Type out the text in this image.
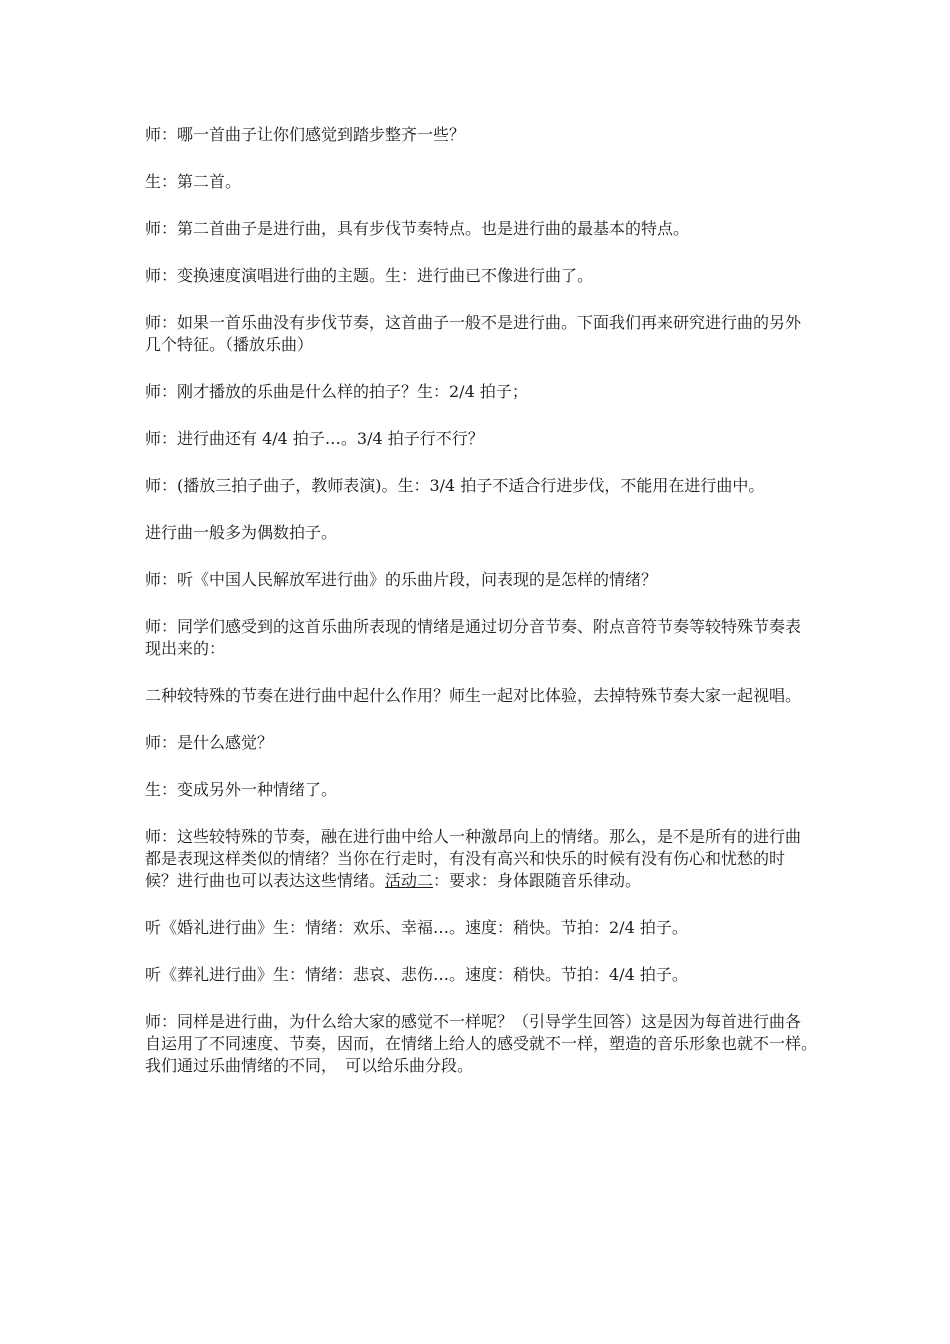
师：哪一首曲子让你们感觉到踏步整齐一些？

生：第二首。

师：第二首曲子是进行曲，具有步伐节奏特点。也是进行曲的最基本的特点。

师：变换速度演唱进行曲的主题。生：进行曲已不像进行曲了。

师：如果一首乐曲没有步伐节奏，这首曲子一般不是进行曲。下面我们再来研究进行曲的另外几个特征。（播放乐曲）

师：刚才播放的乐曲是什么样的拍子？生：2/4 拍子；

师：进行曲还有 4/4 拍子…。3/4 拍子行不行？

师：(播放三拍子曲子，教师表演)。生：3/4 拍子不适合行进步伐，不能用在进行曲中。

进行曲一般多为偶数拍子。

师：听《中国人民解放军进行曲》的乐曲片段，问表现的是怎样的情绪？

师：同学们感受到的这首乐曲所表现的情绪是通过切分音节奏、附点音符节奏等较特殊节奏表现出来的：

二种较特殊的节奏在进行曲中起什么作用？师生一起对比体验，去掉特殊节奏大家一起视唱。

师：是什么感觉？

生：变成另外一种情绪了。

师：这些较特殊的节奏，融在进行曲中给人一种激昂向上的情绪。那么，是不是所有的进行曲都是表现这样类似的情绪？当你在行走时，有没有高兴和快乐的时候有没有伤心和忧愁的时候？进行曲也可以表达这些情绪。活动二：要求：身体跟随音乐律动。

听《婚礼进行曲》生：情绪：欢乐、幸福…。速度：稍快。节拍：2/4 拍子。

听《葬礼进行曲》生：情绪：悲哀、悲伤…。速度：稍快。节拍：4/4 拍子。

师：同样是进行曲，为什么给大家的感觉不一样呢？（引导学生回答）这是因为每首进行曲各自运用了不同速度、节奏，因而，在情绪上给人的感受就不一样，塑造的音乐形象也就不一样。　我们通过乐曲情绪的不同，　可以给乐曲分段。
